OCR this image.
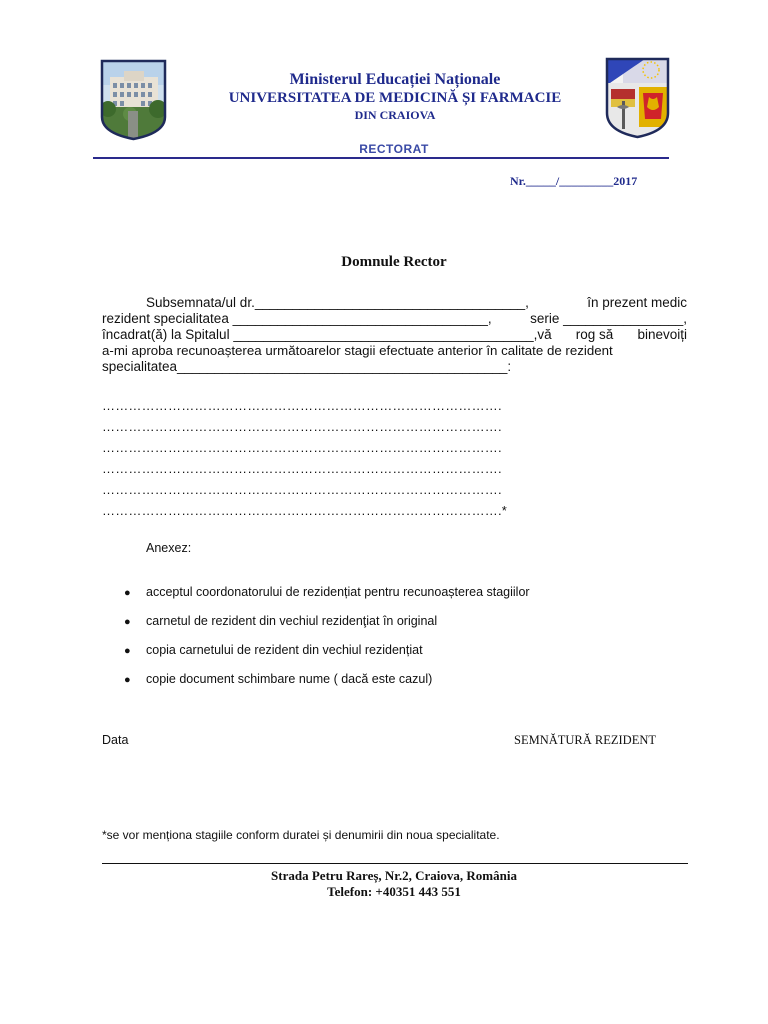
Ministerul Educației Naționale
UNIVERSITATEA DE MEDICINĂ ȘI FARMACIE
DIN CRAIOVA
RECTORAT
Nr._____/_________2017
Domnule Rector
Subsemnata/ul dr.____________________________________,	în prezent medic
rezident specialitatea __________________________________,	serie ________________,
încadrat(ă) la Spitalul ________________________________________,vă rog să binevoiți
a-mi aproba recunoașterea următoarelor stagii efectuate anterior în calitate de rezident
specialitatea____________________________________________:
……………………………………………………………………………….
……………………………………………………………………………….
……………………………………………………………………………….
……………………………………………………………………………….
……………………………………………………………………………….
……………………………………………………………………………….*
Anexez:
● acceptul coordonatorului de rezidențiat pentru recunoașterea stagiilor
● carnetul de rezident din vechiul rezidenţiat în original
● copia carnetului de rezident din vechiul rezidențiat
● copie document schimbare nume ( dacă este cazul)
Data	SEMNĂTURĂ REZIDENT
*se vor menționa stagiile conform duratei și denumirii din noua specialitate.
Strada Petru Rareș, Nr.2, Craiova, România
Telefon: +40351 443 551
